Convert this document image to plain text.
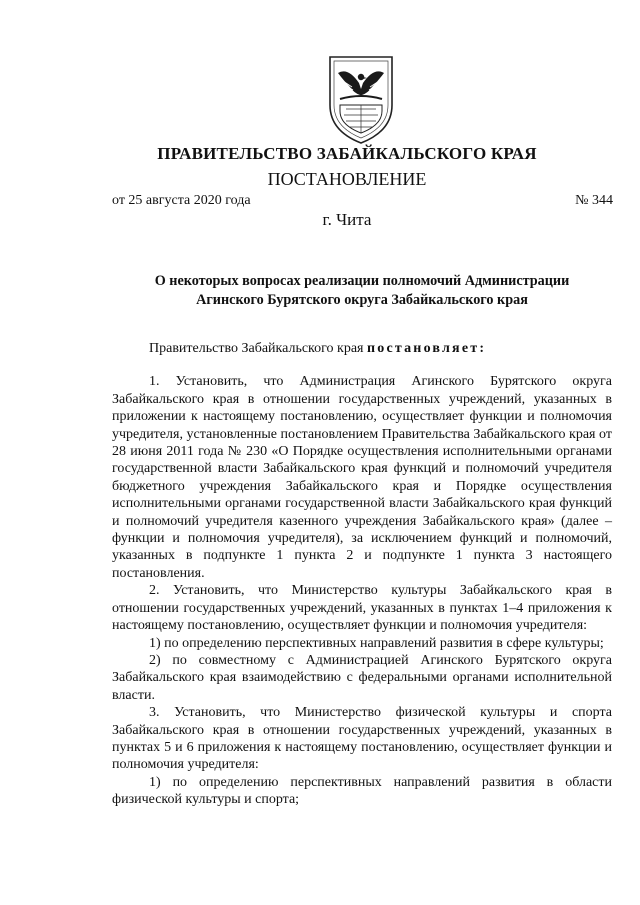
ПРАВИТЕЛЬСТВО ЗАБАЙКАЛЬСКОГО КРАЯ
ПОСТАНОВЛЕНИЕ
от 25 августа 2020 года	№ 344
г. Чита
О некоторых вопросах реализации полномочий Администрации
Агинского Бурятского округа Забайкальского края

Правительство Забайкальского края постановляет:

1. Установить, что Администрация Агинского Бурятского округа Забайкальского края в отношении государственных учреждений, указанных в приложении к настоящему постановлению, осуществляет функции и полномочия учредителя, установленные постановлением Правительства Забайкальского края от 28 июня 2011 года № 230 «О Порядке осуществления исполнительными органами государственной власти Забайкальского края функций и полномочий учредителя бюджетного учреждения Забайкальского края и Порядке осуществления исполнительными органами государственной власти Забайкальского края функций и полномочий учредителя казенного учреждения Забайкальского края» (далее – функции и полномочия учредителя), за исключением функций и полномочий, указанных в подпункте 1 пункта 2 и подпункте 1 пункта 3 настоящего постановления.

2. Установить, что Министерство культуры Забайкальского края в отношении государственных учреждений, указанных в пунктах 1–4 приложения к настоящему постановлению, осуществляет функции и полномочия учредителя:

1) по определению перспективных направлений развития в сфере культуры;

2) по совместному с Администрацией Агинского Бурятского округа Забайкальского края взаимодействию с федеральными органами исполнительной власти.

3. Установить, что Министерство физической культуры и спорта Забайкальского края в отношении государственных учреждений, указанных в пунктах 5 и 6 приложения к настоящему постановлению, осуществляет функции и полномочия учредителя:

1) по определению перспективных направлений развития в области физической культуры и спорта;
